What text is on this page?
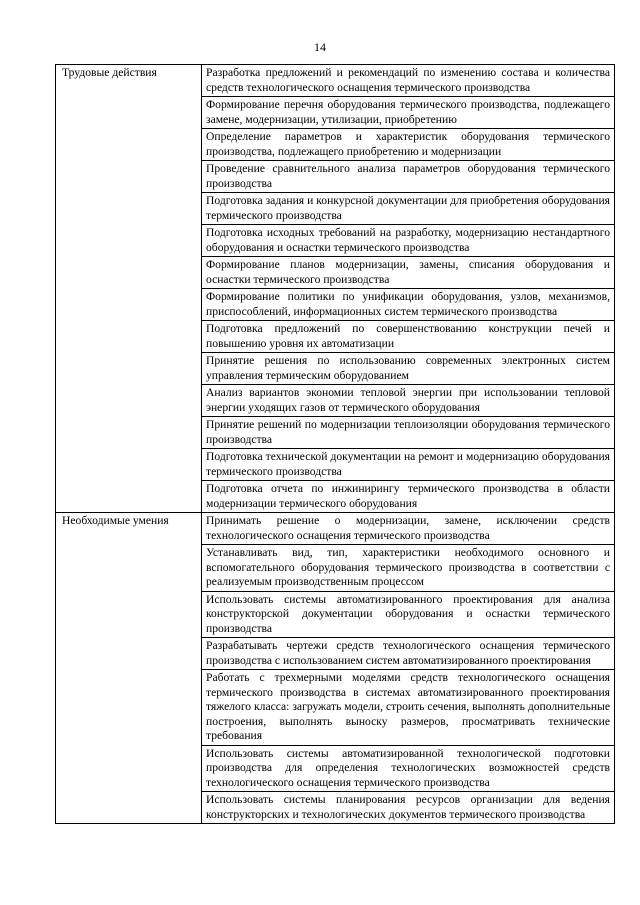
14
Трудовые действия	Разработка предложений и рекомендаций по изменению состава и количества средств технологического оснащения термического производства
	Формирование перечня оборудования термического производства, подлежащего замене, модернизации, утилизации, приобретению
	Определение параметров и характеристик оборудования термического производства, подлежащего приобретению и модернизации
	Проведение сравнительного анализа параметров оборудования термического производства
	Подготовка задания и конкурсной документации для приобретения оборудования термического производства
	Подготовка исходных требований на разработку, модернизацию нестандартного оборудования и оснастки термического производства
	Формирование планов модернизации, замены, списания оборудования и оснастки термического производства
	Формирование политики по унификации оборудования, узлов, механизмов, приспособлений, информационных систем термического производства
	Подготовка предложений по совершенствованию конструкции печей и повышению уровня их автоматизации
	Принятие решения по использованию современных электронных систем управления термическим оборудованием
	Анализ вариантов экономии тепловой энергии при использовании тепловой энергии уходящих газов от термического оборудования
	Принятие решений по модернизации теплоизоляции оборудования термического производства
	Подготовка технической документации на ремонт и модернизацию оборудования термического производства
	Подготовка отчета по инжинирингу термического производства в области модернизации термического оборудования
Необходимые умения	Принимать решение о модернизации, замене, исключении средств технологического оснащения термического производства
	Устанавливать вид, тип, характеристики необходимого основного и вспомогательного оборудования термического производства в соответствии с реализуемым производственным процессом
	Использовать системы автоматизированного проектирования для анализа конструкторской документации оборудования и оснастки термического производства
	Разрабатывать чертежи средств технологического оснащения термического производства с использованием систем автоматизированного проектирования
	Работать с трехмерными моделями средств технологического оснащения термического производства в системах автоматизированного проектирования тяжелого класса: загружать модели, строить сечения, выполнять дополнительные построения, выполнять выноску размеров, просматривать технические требования
	Использовать системы автоматизированной технологической подготовки производства для определения технологических возможностей средств технологического оснащения термического производства
	Использовать системы планирования ресурсов организации для ведения конструкторских и технологических документов термического производства
